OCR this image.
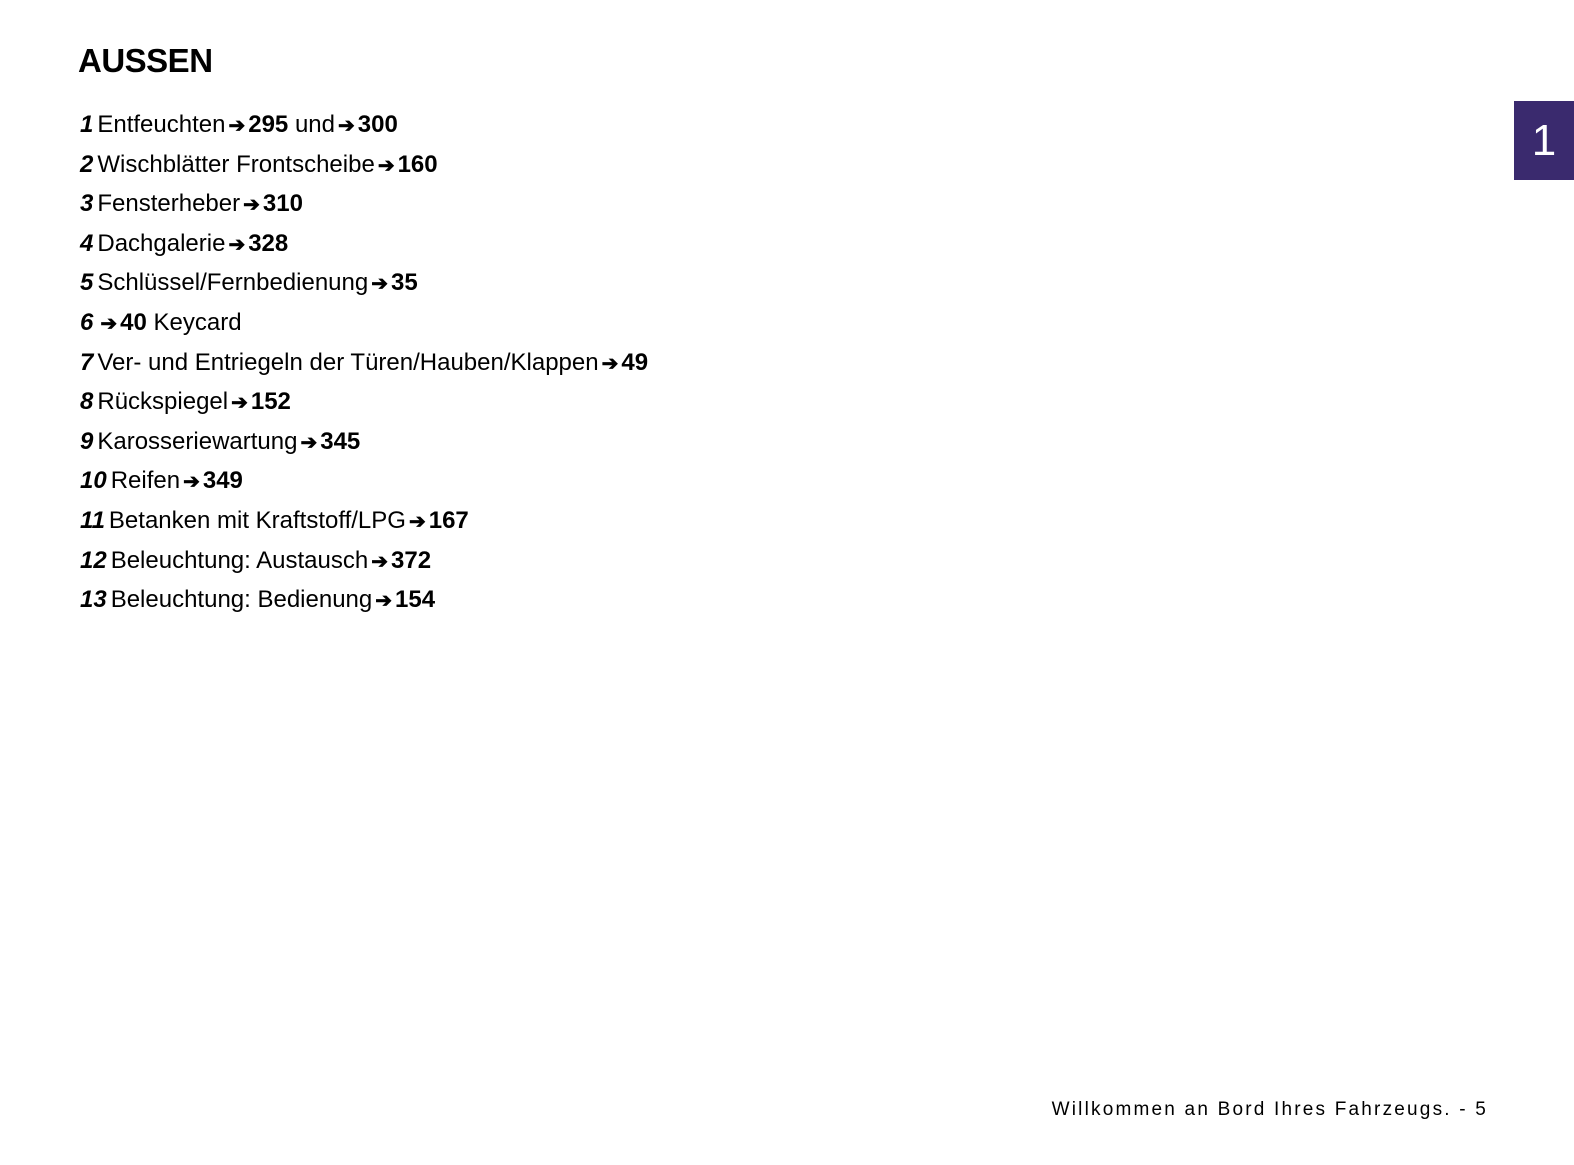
AUSSEN
1 Entfeuchten ➔ 295 und ➔ 300
2 Wischblätter Frontscheibe ➔ 160
3 Fensterheber ➔ 310
4 Dachgalerie ➔ 328
5 Schlüssel/Fernbedienung ➔ 35
6 ➔ 40 Keycard
7 Ver- und Entriegeln der Türen/Hauben/Klappen ➔ 49
8 Rückspiegel ➔ 152
9 Karosseriewartung ➔ 345
10 Reifen ➔ 349
11 Betanken mit Kraftstoff/LPG ➔ 167
12 Beleuchtung: Austausch ➔ 372
13 Beleuchtung: Bedienung ➔ 154
1
Willkommen an Bord Ihres Fahrzeugs. - 5
